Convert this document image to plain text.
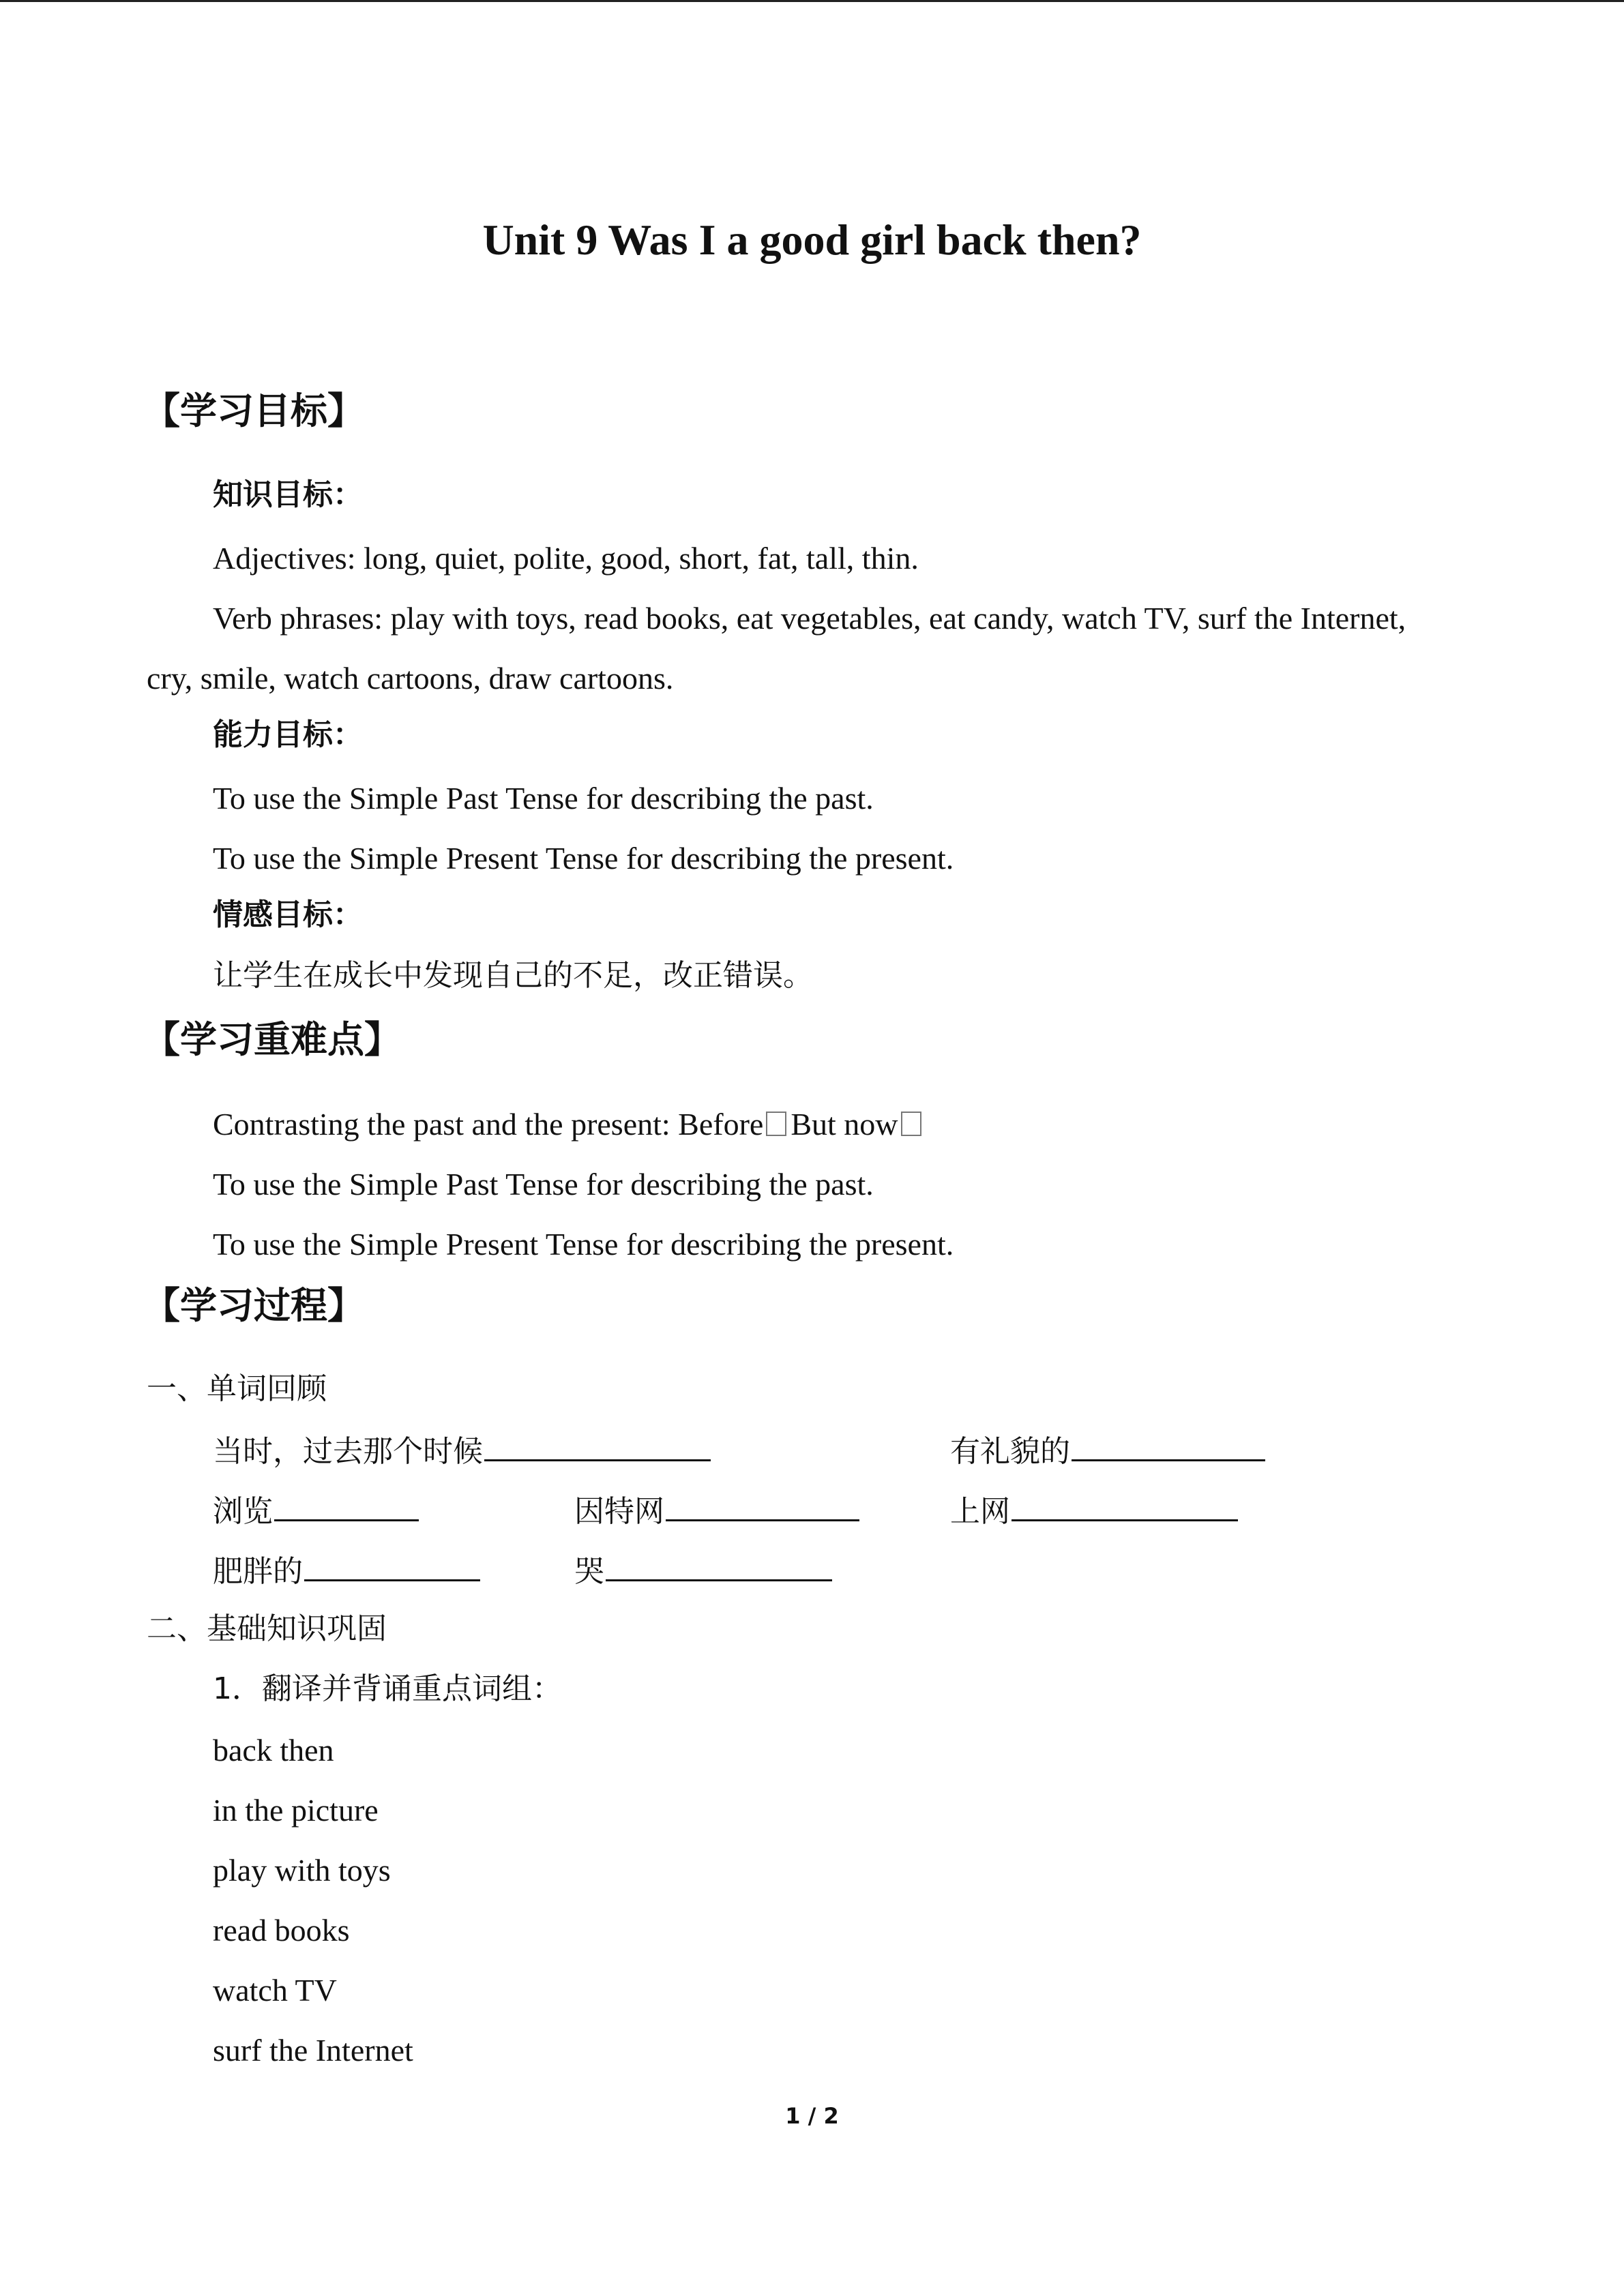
Unit 9 Was I a good girl back then?
【学习目标】
知识目标：
Adjectives: long, quiet, polite, good, short, fat, tall, thin.
Verb phrases: play with toys, read books, eat vegetables, eat candy, watch TV, surf the Internet,
cry, smile, watch cartoons, draw cartoons.
能力目标：
To use the Simple Past Tense for describing the past.
To use the Simple Present Tense for describing the present.
情感目标：
让学生在成长中发现自己的不足，改正错误。
【学习重难点】
Contrasting the past and the present: Before But now
To use the Simple Past Tense for describing the past.
To use the Simple Present Tense for describing the present.
【学习过程】
一、单词回顾
当时，过去那个时候	有礼貌的
浏览	因特网	上网
肥胖的	哭
二、基础知识巩固
1．翻译并背诵重点词组：
back then
in the picture
play with toys
read books
watch TV
surf the Internet
1 / 2
